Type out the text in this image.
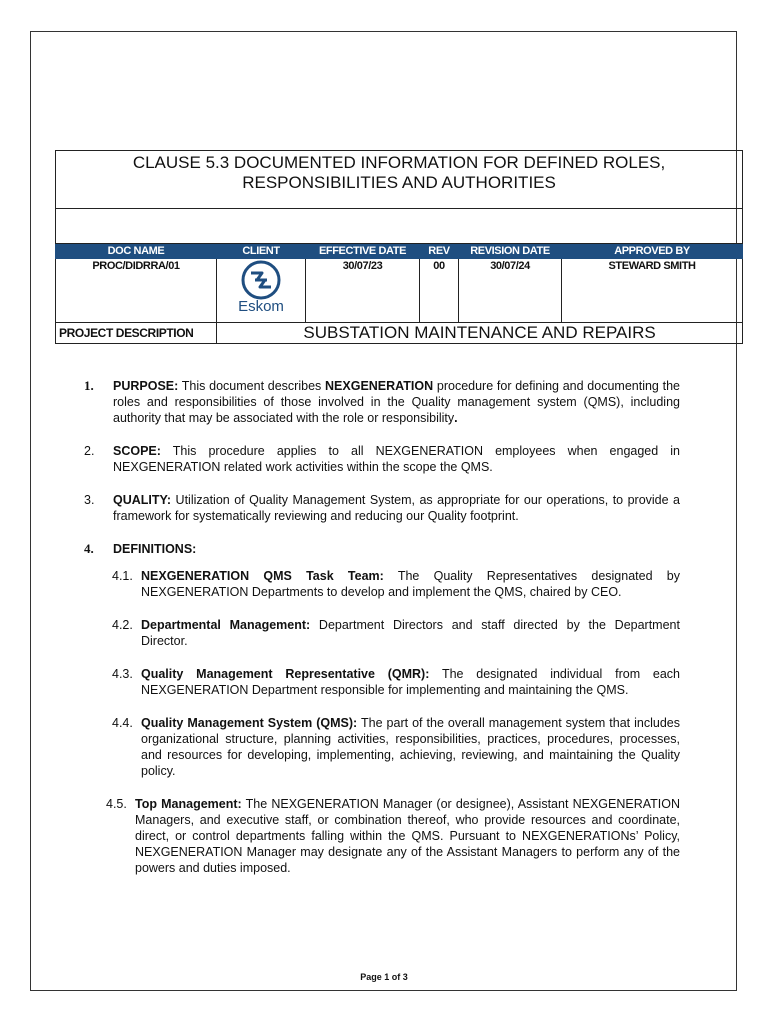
CLAUSE 5.3 DOCUMENTED INFORMATION FOR DEFINED ROLES,
RESPONSIBILITIES AND AUTHORITIES					

DOC NAME	CLIENT	EFFECTIVE DATE	REV	REVISION DATE	APPROVED BY
PROC/DIDRRA/01	Eskom	30/07/23	00	30/07/24	STEWARD SMITH
PROJECT DESCRIPTION	SUBSTATION MAINTENANCE AND REPAIRS				
1. PURPOSE: This document describes NEXGENERATION procedure for defining and documenting the roles and responsibilities of those involved in the Quality management system (QMS), including authority that may be associated with the role or responsibility.
2. SCOPE: This procedure applies to all NEXGENERATION employees when engaged in NEXGENERATION related work activities within the scope the QMS.
3. QUALITY: Utilization of Quality Management System, as appropriate for our operations, to provide a framework for systematically reviewing and reducing our Quality footprint.
4. DEFINITIONS:
4.1. NEXGENERATION QMS Task Team: The Quality Representatives designated by NEXGENERATION Departments to develop and implement the QMS, chaired by CEO.
4.2. Departmental Management: Department Directors and staff directed by the Department Director.
4.3. Quality Management Representative (QMR): The designated individual from each NEXGENERATION Department responsible for implementing and maintaining the QMS.
4.4. Quality Management System (QMS): The part of the overall management system that includes organizational structure, planning activities, responsibilities, practices, procedures, processes, and resources for developing, implementing, achieving, reviewing, and maintaining the Quality policy.
4.5. Top Management: The NEXGENERATION Manager (or designee), Assistant NEXGENERATION Managers, and executive staff, or combination thereof, who provide resources and coordinate, direct, or control departments falling within the QMS. Pursuant to NEXGENERATIONs’ Policy, NEXGENERATION Manager may designate any of the Assistant Managers to perform any of the powers and duties imposed.
Page 1 of 3
